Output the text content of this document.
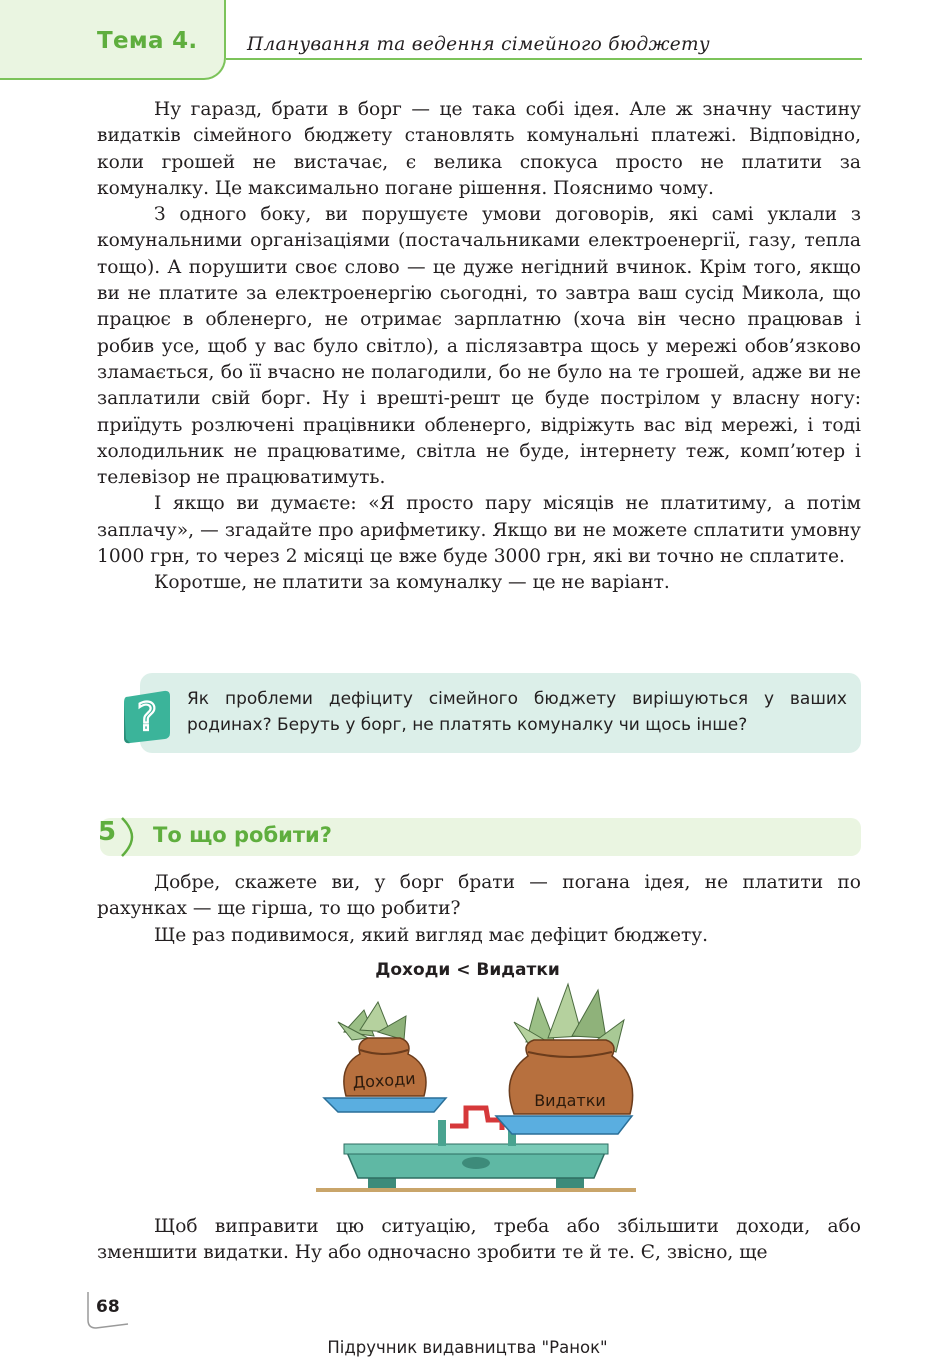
Тема 4.	Планування та ведення сімейного бюджету

Ну гаразд, брати в борг — це така собі ідея. Але ж значну частину видатків сімейного бюджету становлять комунальні платежі. Відповідно, коли грошей не вистачає, є велика спокуса просто не платити за комуналку. Це максимально погане рішення. Пояснимо чому.

З одного боку, ви порушуєте умови договорів, які самі уклали з комунальними організаціями (постачальниками електроенергії, газу, тепла тощо). А порушити своє слово — це дуже негідний вчинок. Крім того, якщо ви не платите за електроенергію сьогодні, то завтра ваш сусід Микола, що працює в обленерго, не отримає зарплатню (хоча він чесно працював і робив усе, щоб у вас було світло), а післязавтра щось у мережі обов’язково зламається, бо її вчасно не полагодили, бо не було на те грошей, адже ви не заплатили свій борг. Ну і врешті-решт це буде пострілом у власну ногу: приїдуть розлючені працівники обленерго, відріжуть вас від мережі, і тоді холодильник не працюватиме, світла не буде, інтернету теж, комп’ютер і телевізор не працюватимуть.

І якщо ви думаєте: «Я просто пару місяців не платитиму, а потім заплачу», — згадайте про арифметику. Якщо ви не можете сплатити умовну 1000 грн, то через 2 місяці це вже буде 3000 грн, які ви точно не сплатите.

Коротше, не платити за комуналку — це не варіант.

? Як проблеми дефіциту сімейного бюджету вирішуються у ваших родинах? Беруть у борг, не платять комуналку чи щось інше?

5 То що робити?

Добре, скажете ви, у борг брати — погана ідея, не платити по рахунках — ще гірша, то що робити?

Ще раз подивимося, який вигляд має дефіцит бюджету.

Доходи < Видатки
Доходи
Видатки

Щоб виправити цю ситуацію, треба або збільшити доходи, або зменшити видатки. Ну або одночасно зробити те й те. Є, звісно, ще

68
Підручник видавництва "Ранок"
